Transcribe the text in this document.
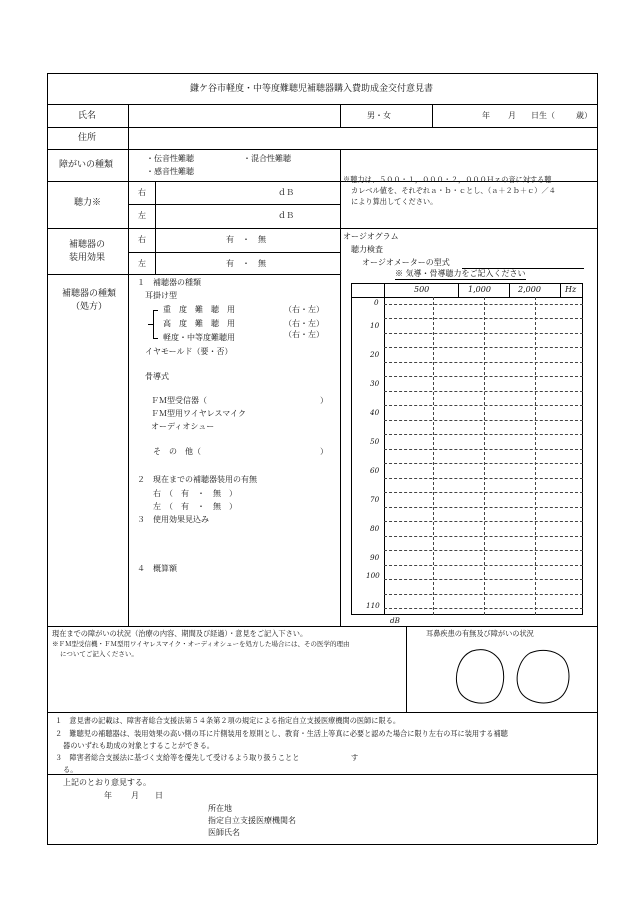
鎌ケ谷市軽度・中等度難聴児補聴器購入費助成金交付意見書
氏名	男・女	年 月 日生（	歳）
住所
障がいの種類
・伝音性難聴	・混合性難聴
・感音性難聴
聴力※
右	ｄＢ
左	ｄＢ
※聴力は、５００・１，０００・２，０００Ｈｚの音に対する聴
カレベル値を、それぞれａ・ｂ・ｃとし、（ａ＋２ｂ＋ｃ）／４
により算出してください。
補聴器の
装用効果
右	有　・　無
左	有　・　無
補聴器の種類
（処方）
１　補聴器の種類
耳掛け型
重　度　難　聴　用	（右・左）
高　度　難　聴　用	（右・左）
軽度・中等度難聴用	（右・左）
イヤモールド（要・否）
骨導式
ＦＭ型受信器（	）
ＦＭ型用ワイヤレスマイク
オーディオシュー
そ　の　他（	）
２　現在までの補聴器装用の有無
右　（　有　・　無　）
左　（　有　・　無　）
３　使用効果見込み
４　概算額
オージオグラム
聴力検査
オージオメーターの型式
※ 気導・骨導聴力をご記入ください
500	1,000	2,000	Hz
0
10
20
30
40
50
60
70
80
90
100
110
dB
現在までの障がいの状況（治療の内容、期間及び経過）・意見をご記入下さい。
※ＦＭ型受信機・ＦＭ型用ワイヤレスマイク・オーディオシューを処方した場合には、その医学的理由
についてご記入ください。
耳鼻疾患の有無及び障がいの状況
１　意見書の記載は、障害者総合支援法第５４条第２項の規定による指定自立支援医療機関の医師に限る。
２　難聴児の補聴器は、装用効果の高い側の耳に片側装用を原則とし、教育・生活上等真に必要と認めた場合に限り左右の耳に装用する補聴
器のいずれも助成の対象とすることができる。
３　障害者総合支援法に基づく支給等を優先して受けるよう取り扱うことと	す
る。
上記のとおり意見する。
年 月 日
所在地
指定自立支援医療機関名
医師氏名
